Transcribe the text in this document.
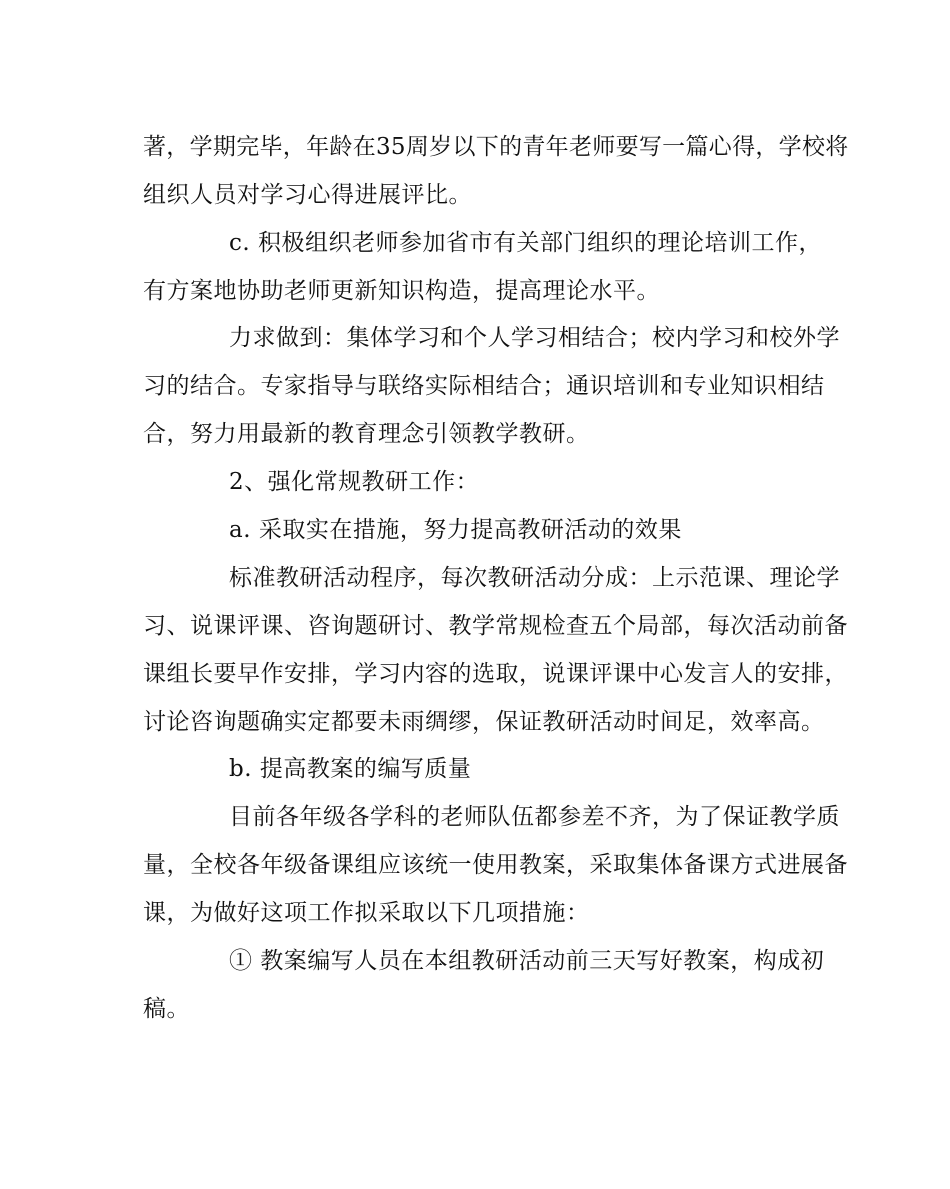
著，学期完毕，年龄在35周岁以下的青年老师要写一篇心得，学校将
组织人员对学习心得进展评比。
c. 积极组织老师参加省市有关部门组织的理论培训工作，
有方案地协助老师更新知识构造，提高理论水平。
力求做到：集体学习和个人学习相结合；校内学习和校外学
习的结合。专家指导与联络实际相结合；通识培训和专业知识相结
合，努力用最新的教育理念引领教学教研。
2、强化常规教研工作：
a. 采取实在措施，努力提高教研活动的效果
标准教研活动程序，每次教研活动分成：上示范课、理论学
习、说课评课、咨询题研讨、教学常规检查五个局部，每次活动前备
课组长要早作安排，学习内容的选取，说课评课中心发言人的安排，
讨论咨询题确实定都要未雨绸缪，保证教研活动时间足，效率高。
b. 提高教案的编写质量
目前各年级各学科的老师队伍都参差不齐，为了保证教学质
量，全校各年级备课组应该统一使用教案，采取集体备课方式进展备
课，为做好这项工作拟采取以下几项措施：
① 教案编写人员在本组教研活动前三天写好教案，构成初
稿。
